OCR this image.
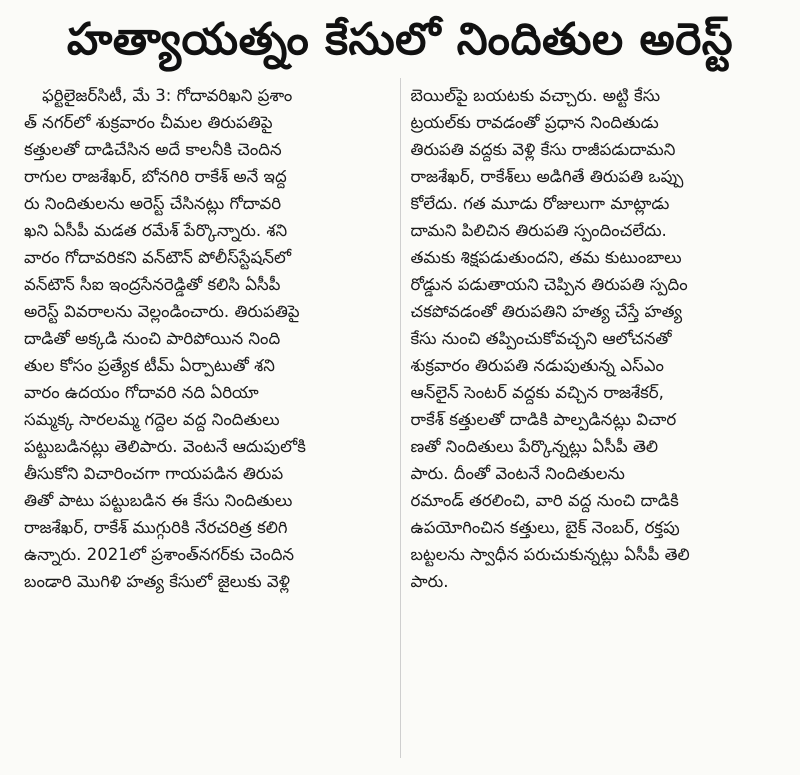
హత్యాయత్నం కేసులో నిందితుల అరెస్ట్
ఫర్టిలైజర్‌సిటీ, మే 3: గోదావరిఖని ప్రశాం
త్ నగర్‌లో శుక్రవారం చీమల తిరుపతిపై
కత్తులతో దాడిచేసిన అదే కాలనీకి చెందిన
రాగుల రాజశేఖర్, బోనగిరి రాకేశ్ అనే ఇద్ద
రు నిందితులను అరెస్ట్ చేసినట్లు గోదావరి
ఖని ఏసీపీ మడత రమేశ్ పేర్కొన్నారు. శని
వారం గోదావరికని వన్‌టౌన్ పోలీస్‌స్టేషన్‌లో
వన్‌టౌన్ సీఐ ఇంద్రసేనరెడ్డితో కలిసి ఏసీపీ
అరెస్ట్ వివరాలను వెల్లండించారు. తిరుపతిపై
దాడితో అక్కడి నుంచి పారిపోయిన నింది
తుల కోసం ప్రత్యేక టీమ్ ఏర్పాటుతో శని
వారం ఉదయం గోదావరి నది ఏరియా
సమ్మక్క సారలమ్మ గద్దెల వద్ద నిందితులు
పట్టుబడినట్లు తెలిపారు. వెంటనే ఆదుపులోకి
తీసుకోని విచారించగా గాయపడిన తిరుప
తితో పాటు పట్టుబడిన ఈ కేసు నిందితులు
రాజశేఖర్, రాకేశ్ ముగ్గురికి నేరచరిత్ర కలిగి
ఉన్నారు. 2021లో ప్రశాంత్‌నగర్‌కు చెందిన
బండారి మొగిళి హత్య కేసులో జైలుకు వెళ్లి
బెయిల్‌పై బయటకు వచ్చారు. అట్టి కేసు
ట్రయల్‌కు రావడంతో ప్రధాన నిందితుడు
తిరుపతి వద్దకు వెళ్లి కేసు రాజీపడుదామని
రాజశేఖర్, రాకేశ్‌లు అడిగితే తిరుపతి ఒప్పు
కోలేదు. గత మూడు రోజులుగా మాట్లాడు
దామని పిలిచిన తిరుపతి స్పందించలేదు.
తమకు శిక్షపడుతుందని, తమ కుటుంబాలు
రోడ్డున పడుతాయని చెప్పిన తిరుపతి స్పదిం
చకపోవడంతో తిరుపతిని హత్య చేస్తే హత్య
కేసు నుంచి తప్పించుకోవచ్చని ఆలోచనతో
శుక్రవారం తిరుపతి నడుపుతున్న ఎస్ఎం
ఆన్‌లైన్ సెంటర్ వద్దకు వచ్చిన రాజశేకర్,
రాకేశ్ కత్తులతో దాడికి పాల్పడినట్లు విచార
ణతో నిందితులు పేర్కొన్నట్లు ఏసీపీ తెలి
పారు. దీంతో వెంటనే నిందితులను
రమాండ్ తరలించి, వారి వద్ద నుంచి దాడికి
ఉపయోగించిన కత్తులు, బైక్ నెంబర్, రక్తపు
బట్టలను స్వాధీన పరుచుకున్నట్లు ఏసీపీ తెలి
పారు.
